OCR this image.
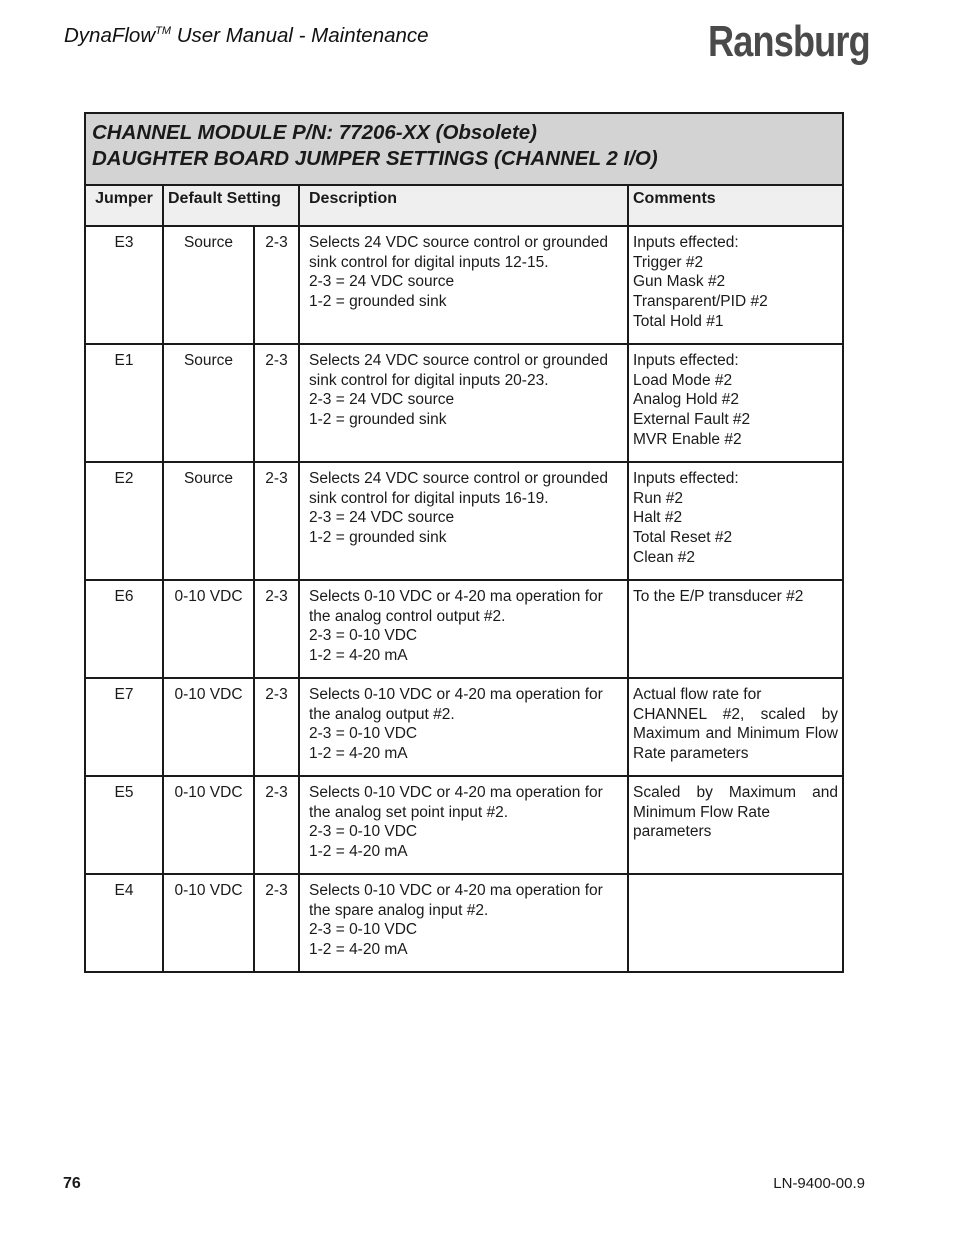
DynaFlow™ User Manual - Maintenance	Ransburg
CHANNEL MODULE P/N: 77206-XX (Obsolete)
DAUGHTER BOARD JUMPER SETTINGS (CHANNEL 2 I/O)				

Jumper	Default Setting		Description	Comments
E3	Source	2-3	Selects 24 VDC source control or grounded
sink control for digital inputs 12-15.
2-3 = 24 VDC source
1-2 = grounded sink	Inputs effected:
Trigger #2
Gun Mask #2
Transparent/PID #2
Total Hold #1

E1	Source	2-3	Selects 24 VDC source control or grounded
sink control for digital inputs 20-23.
2-3 = 24 VDC source
1-2 = grounded sink	Inputs effected:
Load Mode #2
Analog Hold #2
External Fault #2
MVR Enable #2

E2	Source	2-3	Selects 24 VDC source control or grounded
sink control for digital inputs 16-19.
2-3 = 24 VDC source
1-2 = grounded sink	Inputs effected:
Run #2
Halt #2
Total Reset #2
Clean #2

E6	0-10 VDC	2-3	Selects 0-10 VDC or 4-20 ma operation for
the analog control output #2.
2-3 = 0-10 VDC
1-2 = 4-20 mA	To the E/P transducer #2

E7	0-10 VDC	2-3	Selects 0-10 VDC or 4-20 ma operation for
the analog output #2.
2-3 = 0-10 VDC
1-2 = 4-20 mA	Actual flow rate for
CHANNEL #2, scaled by
Maximum and Minimum Flow
Rate parameters

E5	0-10 VDC	2-3	Selects 0-10 VDC or 4-20 ma operation for
the analog set point input #2.
2-3 = 0-10 VDC
1-2 = 4-20 mA	Scaled by Maximum and
Minimum Flow Rate
parameters

E4	0-10 VDC	2-3	Selects 0-10 VDC or 4-20 ma operation for
the spare analog input #2.
2-3 = 0-10 VDC
1-2 = 4-20 mA	

76	LN-9400-00.9
